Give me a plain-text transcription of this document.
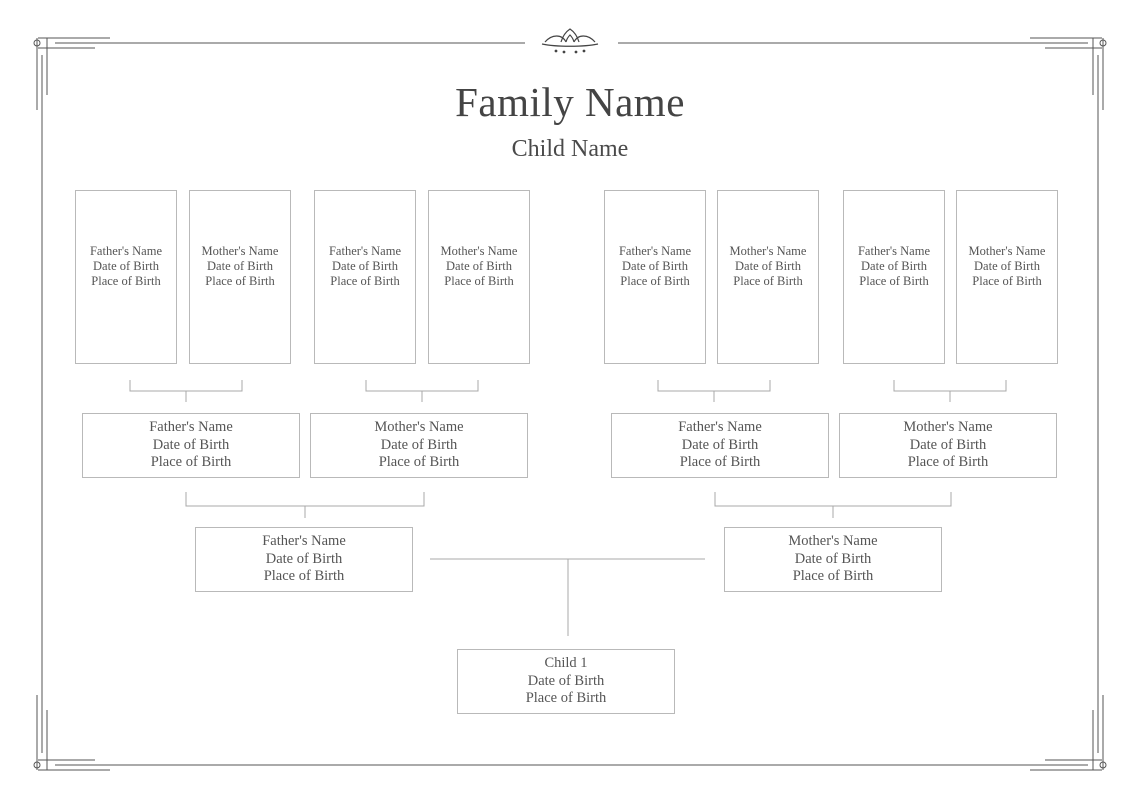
Family Name
Child Name
Father's Name
Date of Birth
Place of Birth
Mother's Name
Date of Birth
Place of Birth
Father's Name
Date of Birth
Place of Birth
Mother's Name
Date of Birth
Place of Birth
Father's Name
Date of Birth
Place of Birth
Mother's Name
Date of Birth
Place of Birth
Father's Name
Date of Birth
Place of Birth
Mother's Name
Date of Birth
Place of Birth
Father's Name
Date of Birth
Place of Birth
Mother's Name
Date of Birth
Place of Birth
Father's Name
Date of Birth
Place of Birth
Mother's Name
Date of Birth
Place of Birth
Father's Name
Date of Birth
Place of Birth
Mother's Name
Date of Birth
Place of Birth
Child 1
Date of Birth
Place of Birth
